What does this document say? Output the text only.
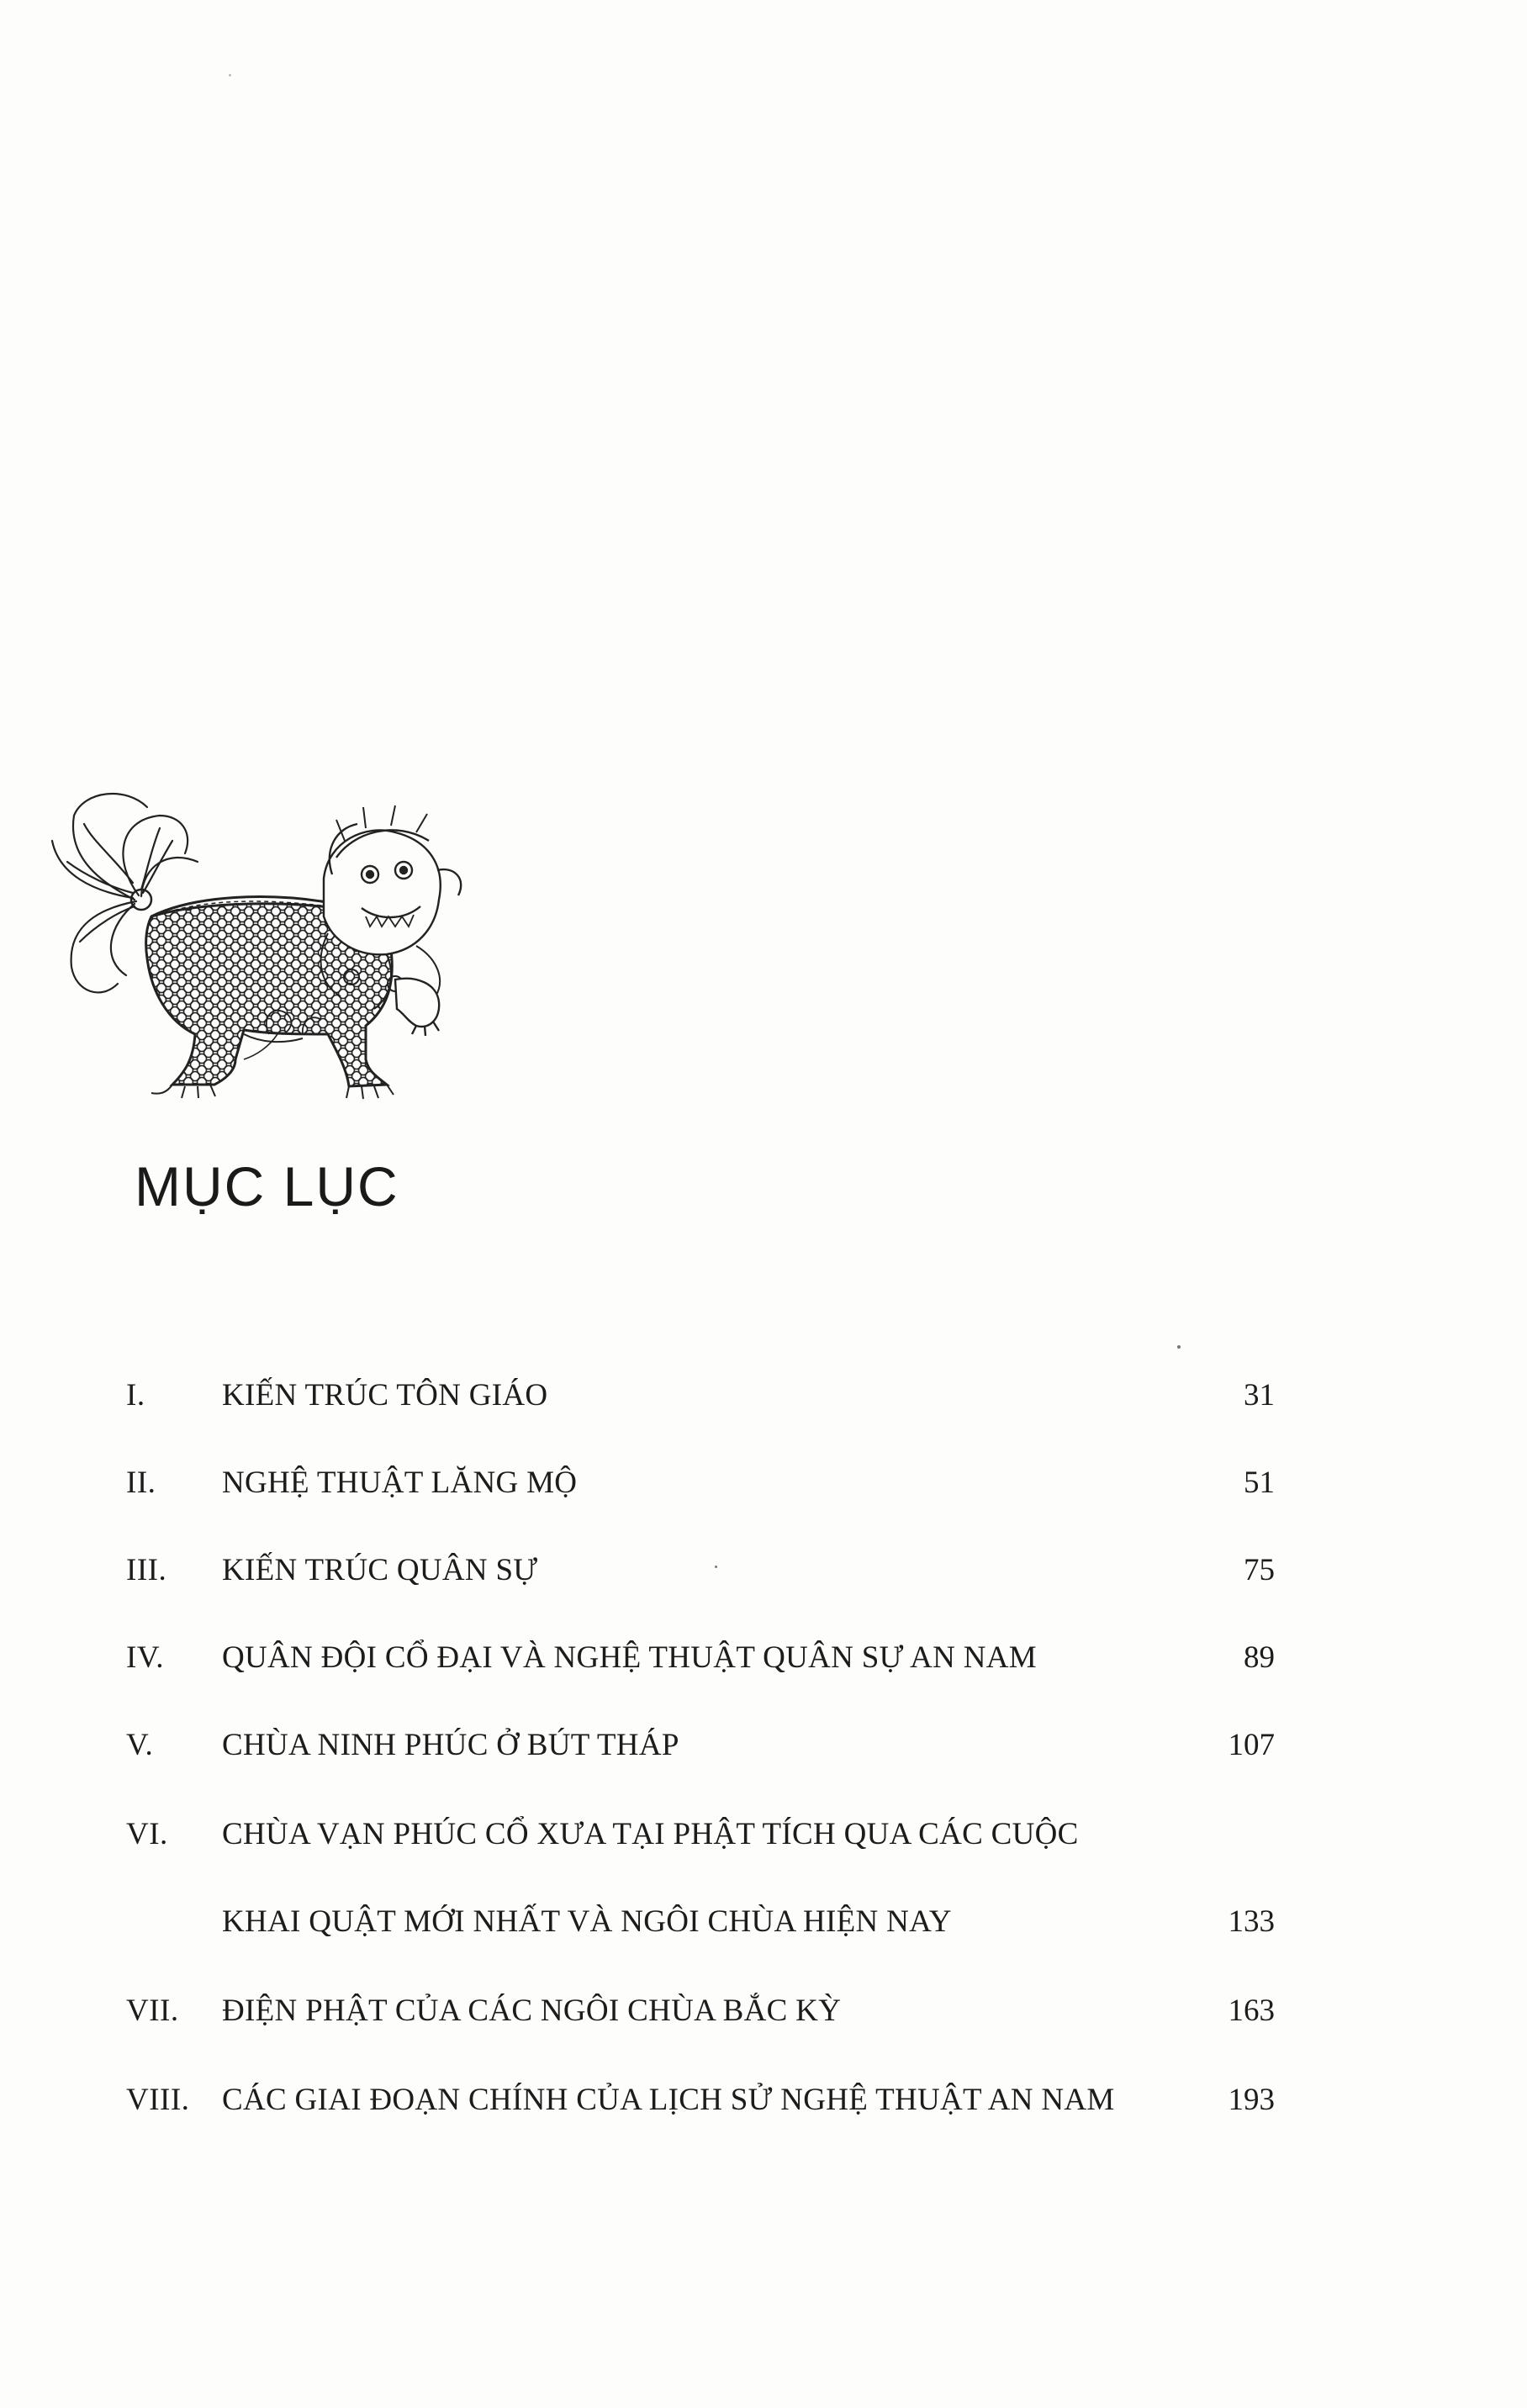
MỤC LỤC
I.	KIẾN TRÚC TÔN GIÁO	31
II.	NGHỆ THUẬT LĂNG MỘ	51
III.	KIẾN TRÚC QUÂN SỰ	75
IV.	QUÂN ĐỘI CỔ ĐẠI VÀ NGHỆ THUẬT QUÂN SỰ AN NAM	89
V.	CHÙA NINH PHÚC Ở BÚT THÁP	107
VI.	CHÙA VẠN PHÚC CỔ XƯA TẠI PHẬT TÍCH QUA CÁC CUỘC
KHAI QUẬT MỚI NHẤT VÀ NGÔI CHÙA HIỆN NAY	133
VII.	ĐIỆN PHẬT CỦA CÁC NGÔI CHÙA BẮC KỲ	163
VIII.	CÁC GIAI ĐOẠN CHÍNH CỦA LỊCH SỬ NGHỆ THUẬT AN NAM	193
